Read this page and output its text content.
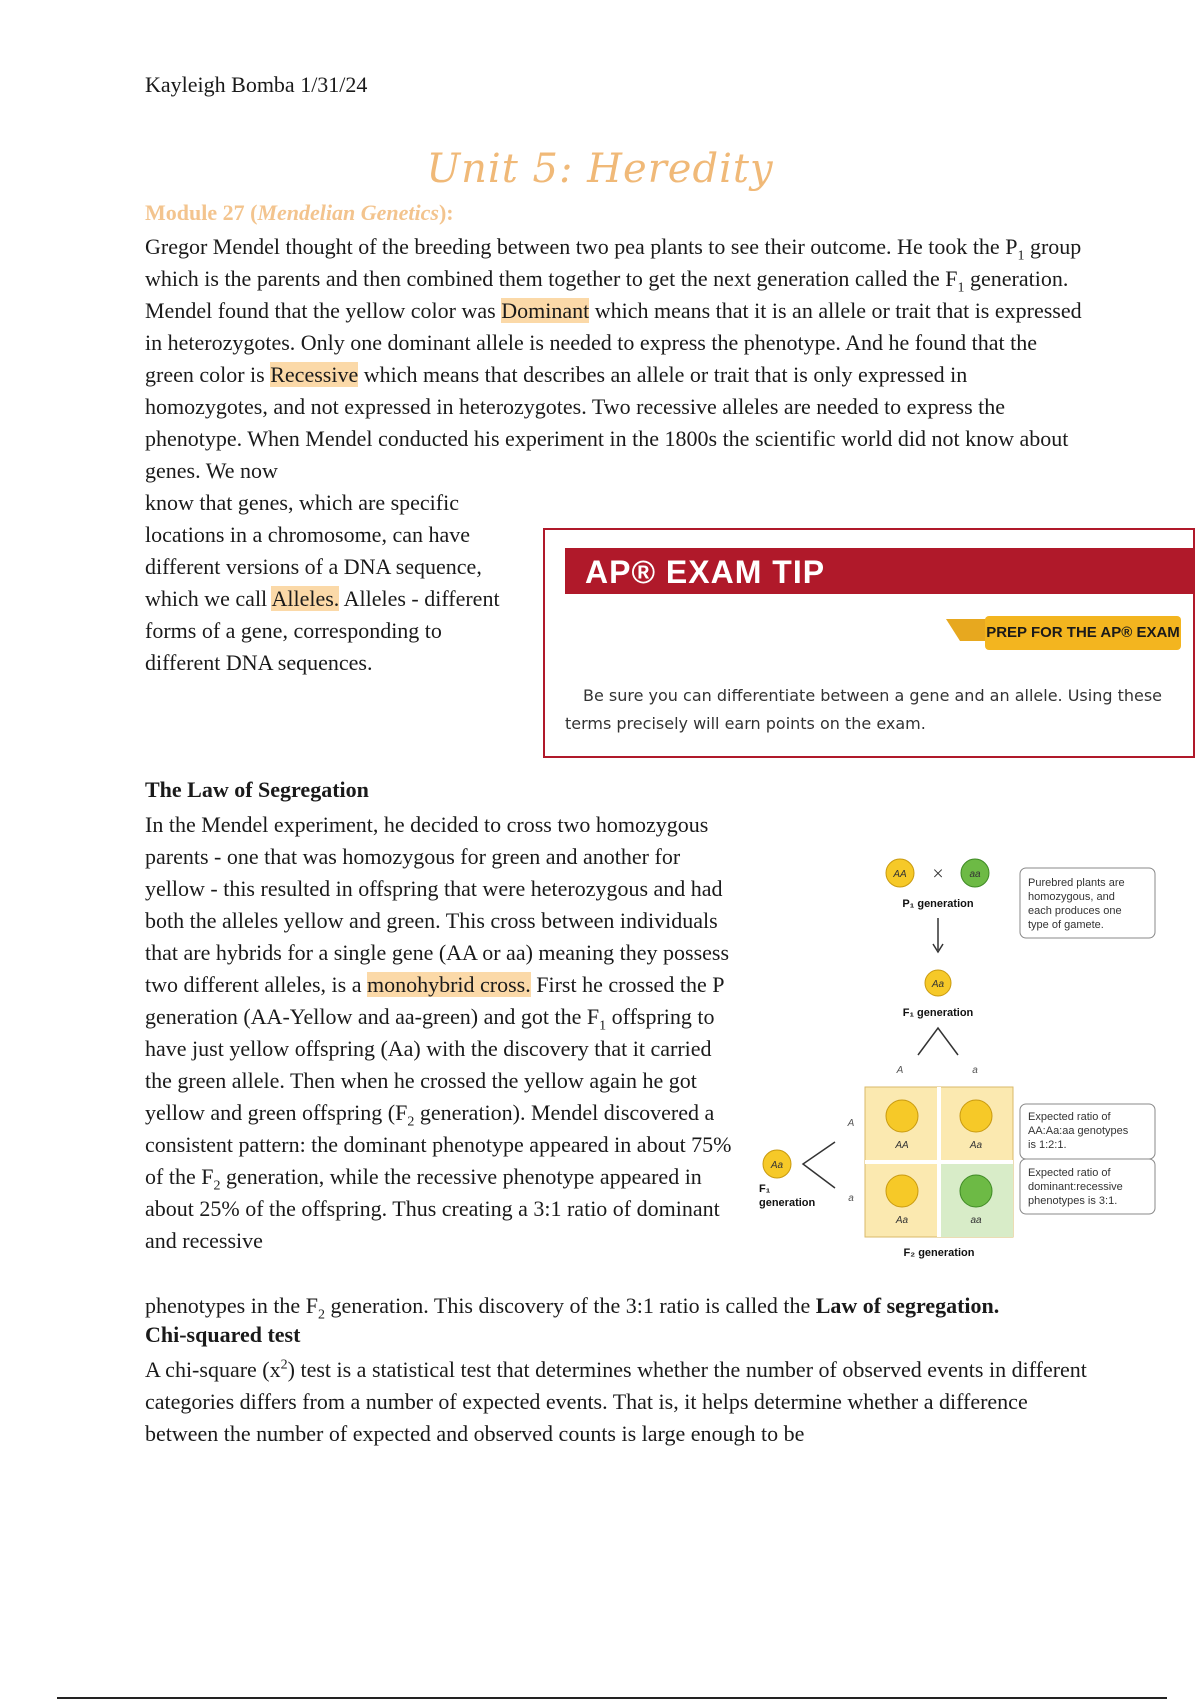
Kayleigh Bomba 1/31/24
Unit 5: Heredity
Module 27 (Mendelian Genetics):
Gregor Mendel thought of the breeding between two pea plants to see their outcome. He took the $P_1$ group which is the parents and then combined them together to get the next generation called the $F_1$ generation. Mendel found that the yellow color was Dominant which means that it is an allele or trait that is expressed in heterozygotes. Only one dominant allele is needed to express the phenotype. And he found that the green color is Recessive which means that describes an allele or trait that is only expressed in homozygotes, and not expressed in heterozygotes. Two recessive alleles are needed to express the phenotype. When Mendel conducted his experiment in the 1800s the scientific world did not know about genes. We now
know that genes, which are specific locations in a chromosome, can have different versions of a DNA sequence, which we call Alleles. Alleles - different forms of a gene, corresponding to different DNA sequences.
AP® EXAM TIP
PREP FOR THE AP® EXAM
Be sure you can differentiate between a gene and an allele. Using these terms precisely will earn points on the exam.
The Law of Segregation
In the Mendel experiment, he decided to cross two homozygous parents - one that was homozygous for green and another for yellow - this resulted in offspring that were heterozygous and had both the alleles yellow and green. This cross between individuals that are hybrids for a single gene (AA or aa) meaning they possess two different alleles, is a monohybrid cross. First he crossed the P generation (AA-Yellow and aa-green) and got the $F_1$ offspring to have just yellow offspring (Aa) with the discovery that it carried the green allele. Then when he crossed the yellow again he got yellow and green offspring ($F_2$ generation). Mendel discovered a consistent pattern: the dominant phenotype appeared in about 75% of the $F_2$ generation, while the recessive phenotype appeared in about 25% of the offspring. Thus creating a 3:1 ratio of dominant and recessive
phenotypes in the $F_2$ generation. This discovery of the 3:1 ratio is called the Law of segregation.
Chi-squared test
A chi-square $(x^2)$ test is a statistical test that determines whether the number of observed events in different categories differs from a number of expected events. That is, it helps determine whether a difference between the number of expected and observed counts is large enough to be
AA ×	aa
P₁ generation
Purebred plants are
homozygous, and
each produces one
type of gamete.
Aa
F₁ generation
A	a
A
a
AA	Aa
Aa	aa
Aa
F₁
generation
F₂ generation
Expected ratio of
AA:Aa:aa genotypes
is 1:2:1.
Expected ratio of
dominant:recessive
phenotypes is 3:1.
